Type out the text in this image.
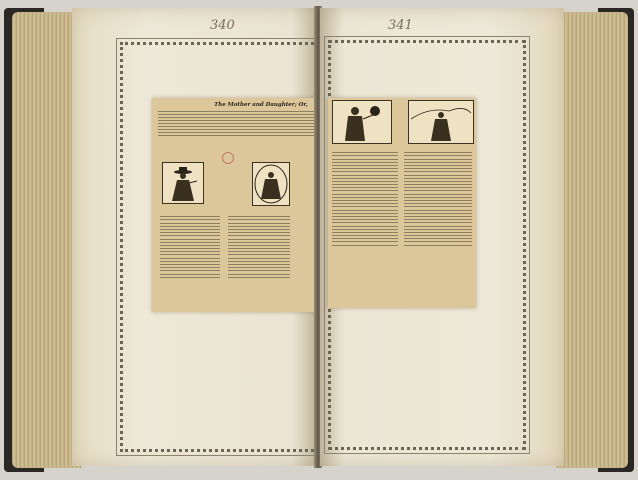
340
The Mother and Daughter; Or,
341
